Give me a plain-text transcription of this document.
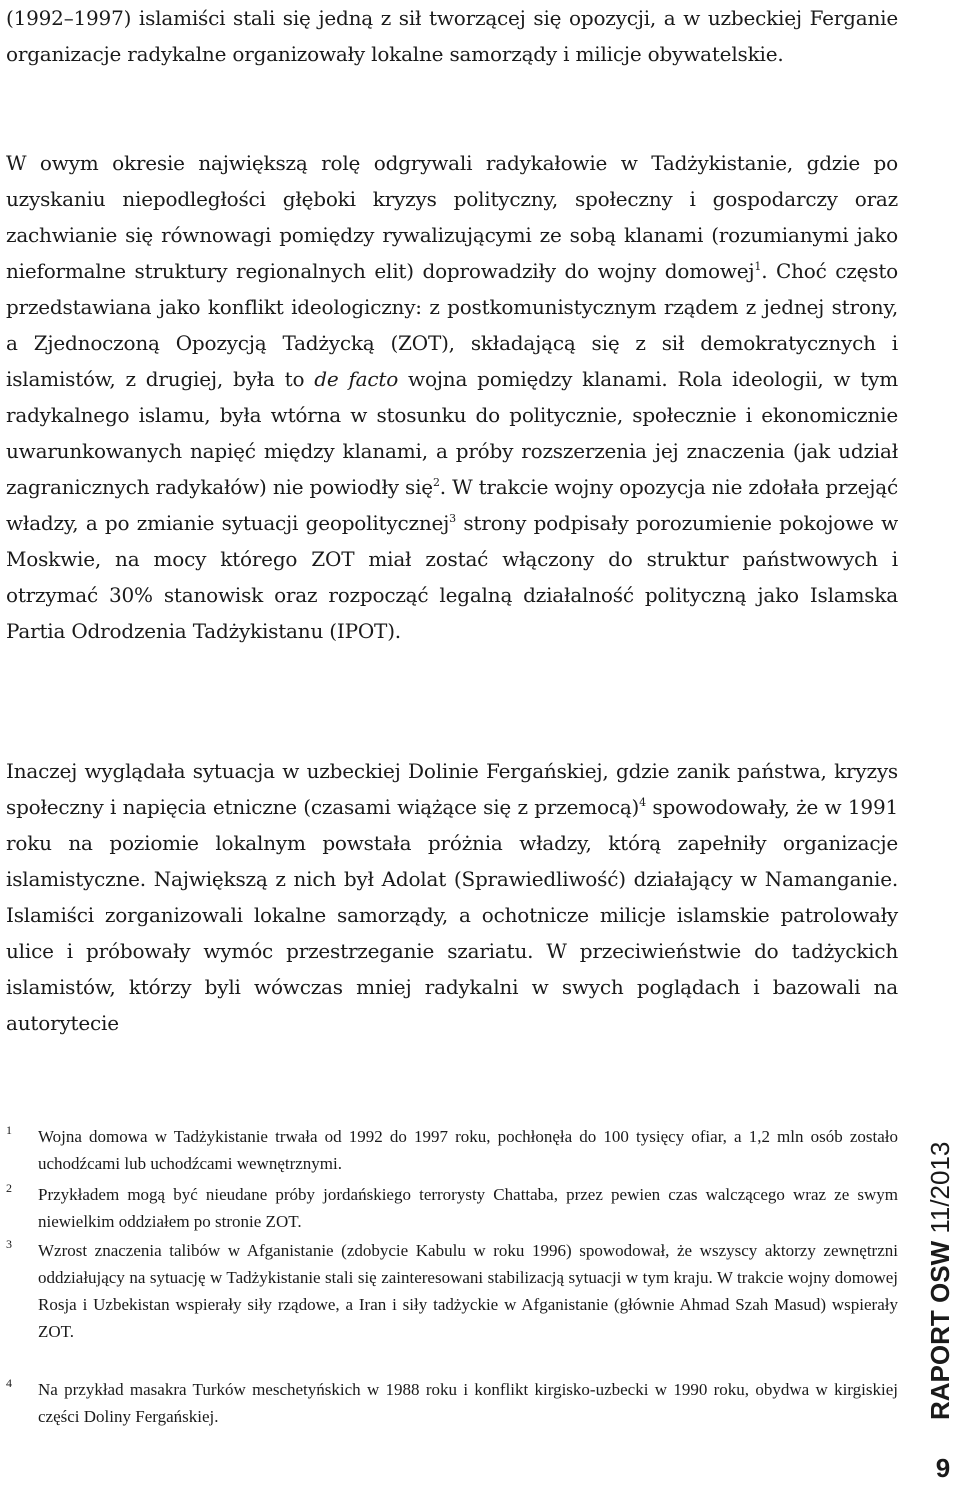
(1992–1997) islamiści stali się jedną z sił tworzącej się opozycji, a w uzbeckiej Ferganie organizacje radykalne organizowały lokalne samorządy i milicje obywatelskie.

W owym okresie największą rolę odgrywali radykałowie w Tadżykistanie, gdzie po uzyskaniu niepodległości głęboki kryzys polityczny, społeczny i gospodarczy oraz zachwianie się równowagi pomiędzy rywalizującymi ze sobą klanami (rozumianymi jako nieformalne struktury regionalnych elit) doprowadziły do wojny domowej$^1$. Choć często przedstawiana jako konflikt ideologiczny: z postkomunistycznym rządem z jednej strony, a Zjednoczoną Opozycją Tadżycką (ZOT), składającą się z sił demokratycznych i islamistów, z drugiej, była to de facto wojna pomiędzy klanami. Rola ideologii, w tym radykalnego islamu, była wtórna w stosunku do politycznie, społecznie i ekonomicznie uwarunkowanych napięć między klanami, a próby rozszerzenia jej znaczenia (jak udział zagranicznych radykałów) nie powiodły się$^2$. W trakcie wojny opozycja nie zdołała przejąć władzy, a po zmianie sytuacji geopolitycznej$^3$ strony podpisały porozumienie pokojowe w Moskwie, na mocy którego ZOT miał zostać włączony do struktur państwowych i otrzymać 30% stanowisk oraz rozpocząć legalną działalność polityczną jako Islamska Partia Odrodzenia Tadżykistanu (IPOT).

Inaczej wyglądała sytuacja w uzbeckiej Dolinie Fergańskiej, gdzie zanik państwa, kryzys społeczny i napięcia etniczne (czasami wiążące się z przemocą)$^4$ spowodowały, że w 1991 roku na poziomie lokalnym powstała próżnia władzy, którą zapełniły organizacje islamistyczne. Największą z nich był Adolat (Sprawiedliwość) działający w Namanganie. Islamiści zorganizowali lokalne samorządy, a ochotnicze milicje islamskie patrolowały ulice i próbowały wymóc przestrzeganie szariatu. W przeciwieństwie do tadżyckich islamistów, którzy byli wówczas mniej radykalni w swych poglądach i bazowali na autorytecie

1 Wojna domowa w Tadżykistanie trwała od 1992 do 1997 roku, pochłonęła do 100 tysięcy ofiar, a 1,2 mln osób zostało uchodźcami lub uchodźcami wewnętrznymi.
2 Przykładem mogą być nieudane próby jordańskiego terrorysty Chattaba, przez pewien czas walczącego wraz ze swym niewielkim oddziałem po stronie ZOT.
3 Wzrost znaczenia talibów w Afganistanie (zdobycie Kabulu w roku 1996) spowodował, że wszyscy aktorzy zewnętrzni oddziałujący na sytuację w Tadżykistanie stali się zainteresowani stabilizacją sytuacji w tym kraju. W trakcie wojny domowej Rosja i Uzbekistan wspierały siły rządowe, a Iran i siły tadżyckie w Afganistanie (głównie Ahmad Szah Masud) wspierały ZOT.
4 Na przykład masakra Turków meschetyńskich w 1988 roku i konflikt kirgisko-uzbecki w 1990 roku, obydwa w kirgiskiej części Doliny Fergańskiej.	RAPORT OSW 11/2013
9
